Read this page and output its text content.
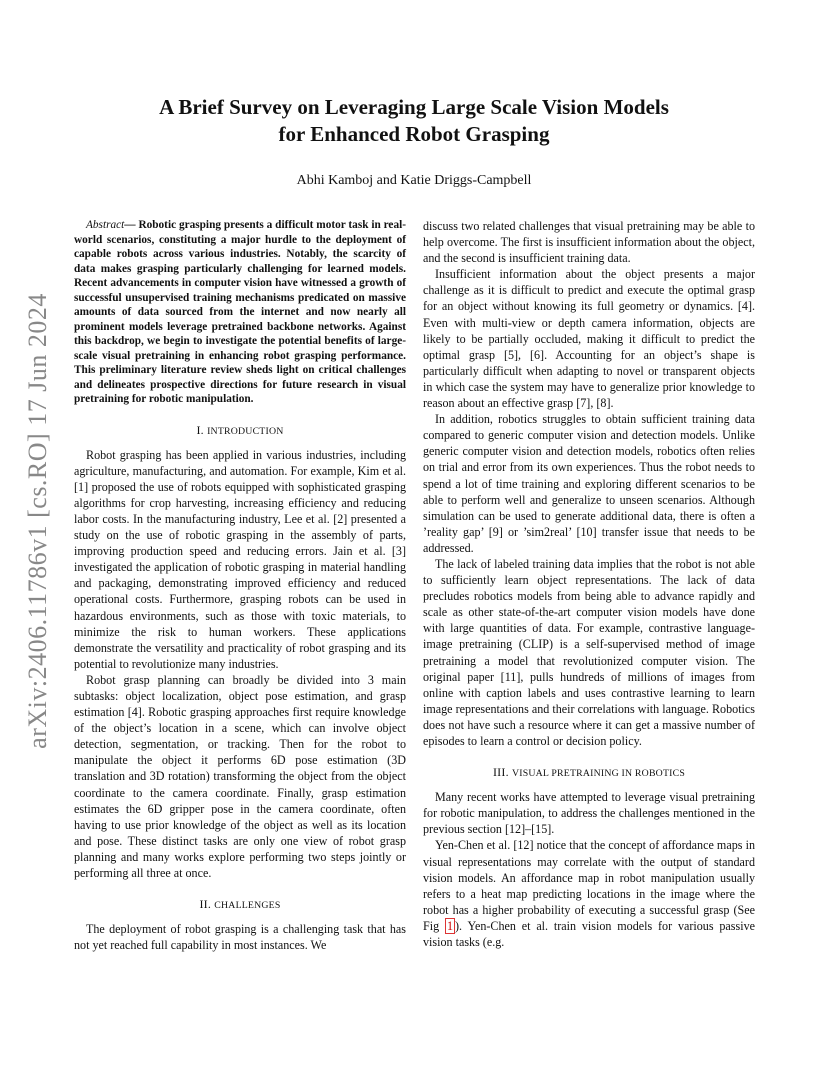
arXiv:2406.11786v1 [cs.RO] 17 Jun 2024
A Brief Survey on Leveraging Large Scale Vision Models
for Enhanced Robot Grasping
Abhi Kamboj and Katie Driggs-Campbell

Abstract— Robotic grasping presents a difficult motor task in real-world scenarios, constituting a major hurdle to the deployment of capable robots across various industries. Notably, the scarcity of data makes grasping particularly challenging for learned models. Recent advancements in computer vision have witnessed a growth of successful unsupervised training mechanisms predicated on massive amounts of data sourced from the internet and now nearly all prominent models leverage pretrained backbone networks. Against this backdrop, we begin to investigate the potential benefits of large-scale visual pretraining in enhancing robot grasping performance. This preliminary literature review sheds light on critical challenges and delineates prospective directions for future research in visual pretraining for robotic manipulation.

I. INTRODUCTION

Robot grasping has been applied in various industries, including agriculture, manufacturing, and automation. For example, Kim et al. [1] proposed the use of robots equipped with sophisticated grasping algorithms for crop harvesting, increasing efficiency and reducing labor costs. In the manufacturing industry, Lee et al. [2] presented a study on the use of robotic grasping in the assembly of parts, improving production speed and reducing errors. Jain et al. [3] investigated the application of robotic grasping in material handling and packaging, demonstrating improved efficiency and reduced operational costs. Furthermore, grasping robots can be used in hazardous environments, such as those with toxic materials, to minimize the risk to human workers. These applications demonstrate the versatility and practicality of robot grasping and its potential to revolutionize many industries.

Robot grasp planning can broadly be divided into 3 main subtasks: object localization, object pose estimation, and grasp estimation [4]. Robotic grasping approaches first require knowledge of the object’s location in a scene, which can involve object detection, segmentation, or tracking. Then for the robot to manipulate the object it performs 6D pose estimation (3D translation and 3D rotation) transforming the object from the object coordinate to the camera coordinate. Finally, grasp estimation estimates the 6D gripper pose in the camera coordinate, often having to use prior knowledge of the object as well as its location and pose. These distinct tasks are only one view of robot grasp planning and many works explore performing two steps jointly or performing all three at once.

II. CHALLENGES

The deployment of robot grasping is a challenging task that has not yet reached full capability in most instances. We

discuss two related challenges that visual pretraining may be able to help overcome. The first is insufficient information about the object, and the second is insufficient training data.

Insufficient information about the object presents a major challenge as it is difficult to predict and execute the optimal grasp for an object without knowing its full geometry or dynamics. [4]. Even with multi-view or depth camera information, objects are likely to be partially occluded, making it difficult to predict the optimal grasp [5], [6]. Accounting for an object’s shape is particularly difficult when adapting to novel or transparent objects in which case the system may have to generalize prior knowledge to reason about an effective grasp [7], [8].

In addition, robotics struggles to obtain sufficient training data compared to generic computer vision and detection models. Unlike generic computer vision and detection models, robotics often relies on trial and error from its own experiences. Thus the robot needs to spend a lot of time training and exploring different scenarios to be able to perform well and generalize to unseen scenarios. Although simulation can be used to generate additional data, there is often a ’reality gap’ [9] or ’sim2real’ [10] transfer issue that needs to be addressed.

The lack of labeled training data implies that the robot is not able to sufficiently learn object representations. The lack of data precludes robotics models from being able to advance rapidly and scale as other state-of-the-art computer vision models have done with large quantities of data. For example, contrastive language-image pretraining (CLIP) is a self-supervised method of image pretraining a model that revolutionized computer vision. The original paper [11], pulls hundreds of millions of images from online with caption labels and uses contrastive learning to learn image representations and their correlations with language. Robotics does not have such a resource where it can get a massive number of episodes to learn a control or decision policy.

III. VISUAL PRETRAINING IN ROBOTICS

Many recent works have attempted to leverage visual pretraining for robotic manipulation, to address the challenges mentioned in the previous section [12]–[15].

Yen-Chen et al. [12] notice that the concept of affordance maps in visual representations may correlate with the output of standard vision models. An affordance map in robot manipulation usually refers to a heat map predicting locations in the image where the robot has a higher probability of executing a successful grasp (See Fig 1 ). Yen-Chen et al. train vision models for various passive vision tasks (e.g.
